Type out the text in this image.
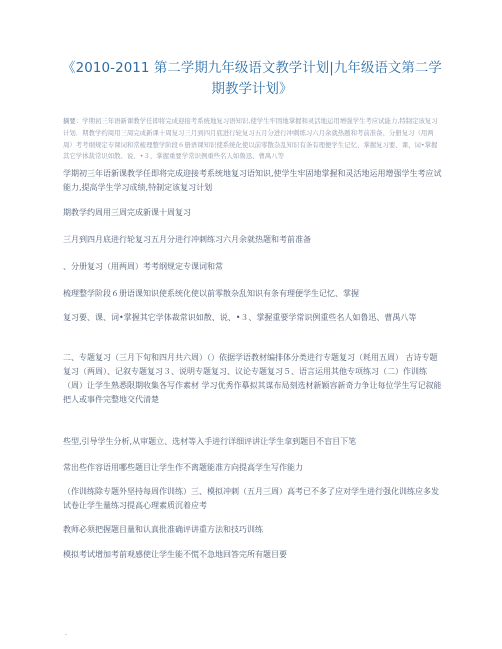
《2010-2011 第二学期九年级语文教学计划|九年级语文第二学期教学计划》
摘要：学期初三年语新课教学任即将完成迎接考系统地复习语知识,使学生牢固地掌握和灵活地运用增强学生考应试能力,特制定该复习计划．期教学约周用三周完成新课十周复习三月到四月底进行轮复习五月分进行冲刺练习六月余就热题和考前准备、分册复习（用两周）考考纲规定专课词和常梳理整学阶段６册语课知识使系统化使以前零散杂乱知识有条有理便学生记忆、掌握复习要、课、词•掌握其它学体裁常识如散、说、•３、掌握重要学常识例重些名人如鲁迅、曹禺八等
学期初三年语新课教学任即将完成迎接考系统地复习语知识,使学生牢固地掌握和灵活地运用增强学生考应试能力,提高学生学习成绩,特制定该复习计划
期教学约周用三周完成新课十周复习
三月到四月底进行轮复习五月分进行冲刺练习六月余就热题和考前准备
、分册复习（用两周）考考纲规定专课词和常
梳理整学阶段６册语课知识使系统化使以前零散杂乱知识有条有理便学生记忆、掌握
复习要、课、词•掌握其它学体裁常识如散、说、•３、掌握重要学常识例重些名人如鲁迅、曹禺八等
二、专题复习（三月下旬和四月共六周）（）依据学语教材编排体分类进行专题复习（耗用五周） 古诗专题复习（两周）、记叙专题复习３、说明专题复习、议论专题复习５、语言运用其他专项练习（二）作训练（周）让学生熟悉限期收集各写作素材 学习优秀作摹拟其谋布局刻选材新颖容新奇力争让每位学生写记叙能把人或事件完整地交代清楚
些型,引导学生分析,从审题立、选材等入手进行详细评讲让学生拿到题目不盲目下笔
常出些作容语用哪些题目让学生作不离题能准方向提高学生写作能力
（作训练除专题外坚持每周作训练）三、模拟冲刺（五月三周）高考已不多了应对学生进行强化训练应多发试卷让学生量练习提高心理素质沉着应考
教师必须把握题目量和认真批准确评讲重方法和技巧训练
模拟考试增加考前观感使让学生能不慌不急地回答完所有题目要
.
